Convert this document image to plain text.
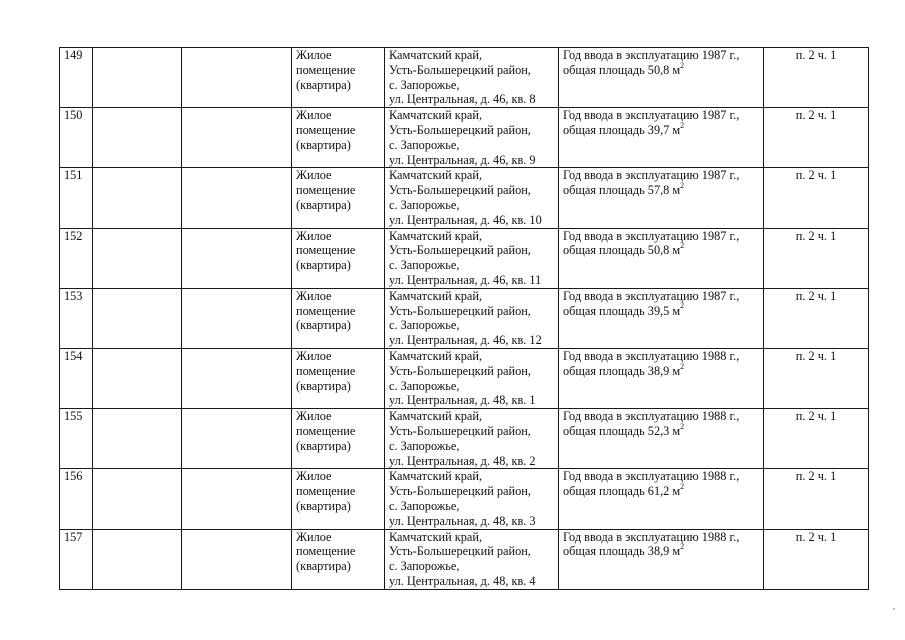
149			Жилое
помещение
(квартира)	Камчатский край,
Усть-Большерецкий район,
с. Запорожье,
ул. Центральная, д. 46, кв. 8	Год ввода в эксплуатацию 1987 г.,
общая площадь 50,8 $м^2$	п. 2 ч. 1
150			Жилое
помещение
(квартира)	Камчатский край,
Усть-Большерецкий район,
с. Запорожье,
ул. Центральная, д. 46, кв. 9	Год ввода в эксплуатацию 1987 г.,
общая площадь 39,7 $м^2$	п. 2 ч. 1
151			Жилое
помещение
(квартира)	Камчатский край,
Усть-Большерецкий район,
с. Запорожье,
ул. Центральная, д. 46, кв. 10	Год ввода в эксплуатацию 1987 г.,
общая площадь 57,8 $м^2$	п. 2 ч. 1
152			Жилое
помещение
(квартира)	Камчатский край,
Усть-Большерецкий район,
с. Запорожье,
ул. Центральная, д. 46, кв. 11	Год ввода в эксплуатацию 1987 г.,
общая площадь 50,8 $м^2$	п. 2 ч. 1
153			Жилое
помещение
(квартира)	Камчатский край,
Усть-Большерецкий район,
с. Запорожье,
ул. Центральная, д. 46, кв. 12	Год ввода в эксплуатацию 1987 г.,
общая площадь 39,5 $м^2$	п. 2 ч. 1
154			Жилое
помещение
(квартира)	Камчатский край,
Усть-Большерецкий район,
с. Запорожье,
ул. Центральная, д. 48, кв. 1	Год ввода в эксплуатацию 1988 г.,
общая площадь 38,9 $м^2$	п. 2 ч. 1
155			Жилое
помещение
(квартира)	Камчатский край,
Усть-Большерецкий район,
с. Запорожье,
ул. Центральная, д. 48, кв. 2	Год ввода в эксплуатацию 1988 г.,
общая площадь 52,3 $м^2$	п. 2 ч. 1
156			Жилое
помещение
(квартира)	Камчатский край,
Усть-Большерецкий район,
с. Запорожье,
ул. Центральная, д. 48, кв. 3	Год ввода в эксплуатацию 1988 г.,
общая площадь 61,2 $м^2$	п. 2 ч. 1
157			Жилое
помещение
(квартира)	Камчатский край,
Усть-Большерецкий район,
с. Запорожье,
ул. Центральная, д. 48, кв. 4	Год ввода в эксплуатацию 1988 г.,
общая площадь 38,9 $м^2$	п. 2 ч. 1
